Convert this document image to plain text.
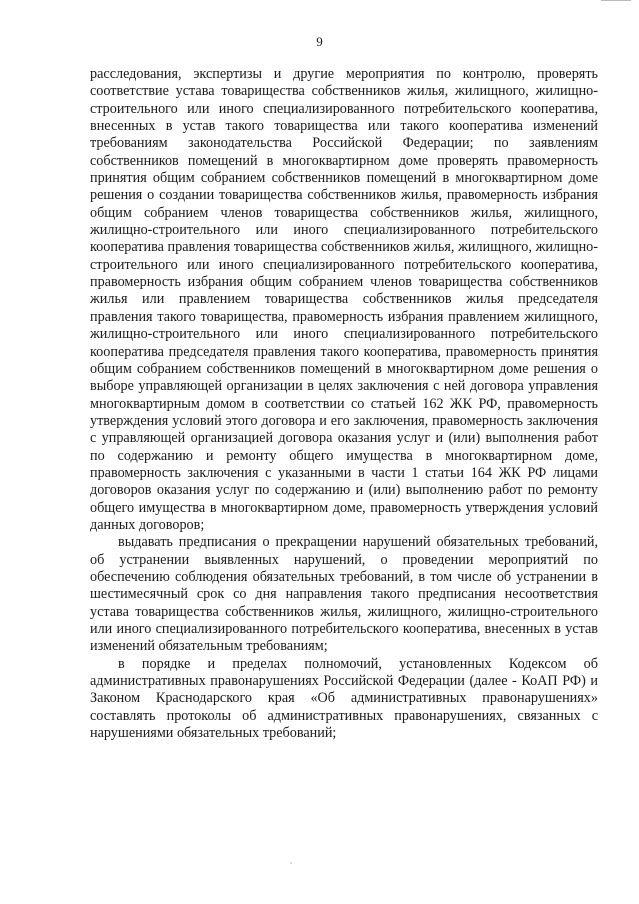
9

расследования, экспертизы и другие мероприятия по контролю, проверять соответствие устава товарищества собственников жилья, жилищного, жилищно-строительного или иного специализированного потребительского кооператива, внесенных в устав такого товарищества или такого кооператива изменений требованиям законодательства Российской Федерации; по заявлениям собственников помещений в многоквартирном доме проверять правомерность принятия общим собранием собственников помещений в многоквартирном доме решения о создании товарищества собственников жилья, правомерность избрания общим собранием членов товарищества собственников жилья, жилищного, жилищно-строительного или иного специализированного потребительского кооператива правления товарищества собственников жилья, жилищного, жилищно-строительного или иного специализированного потребительского кооператива, правомерность избрания общим собранием членов товарищества собственников жилья или правлением товарищества собственников жилья председателя правления такого товарищества, правомерность избрания правлением жилищного, жилищно-строительного или иного специализированного потребительского кооператива председателя правления такого кооператива, правомерность принятия общим собранием собственников помещений в многоквартирном доме решения о выборе управляющей организации в целях заключения с ней договора управления многоквартирным домом в соответствии со статьей 162 ЖК РФ, правомерность утверждения условий этого договора и его заключения, правомерность заключения с управляющей организацией договора оказания услуг и (или) выполнения работ по содержанию и ремонту общего имущества в многоквартирном доме, правомерность заключения с указанными в части 1 статьи 164 ЖК РФ лицами договоров оказания услуг по содержанию и (или) выполнению работ по ремонту общего имущества в многоквартирном доме, правомерность утверждения условий данных договоров;

выдавать предписания о прекращении нарушений обязательных требований, об устранении выявленных нарушений, о проведении мероприятий по обеспечению соблюдения обязательных требований, в том числе об устранении в шестимесячный срок со дня направления такого предписания несоответствия устава товарищества собственников жилья, жилищного, жилищно-строительного или иного специализированного потребительского кооператива, внесенных в устав изменений обязательным требованиям;

в порядке и пределах полномочий, установленных Кодексом об административных правонарушениях Российской Федерации (далее - КоАП РФ) и Законом Краснодарского края «Об административных правонарушениях» составлять протоколы об административных правонарушениях, связанных с нарушениями обязательных требований;
